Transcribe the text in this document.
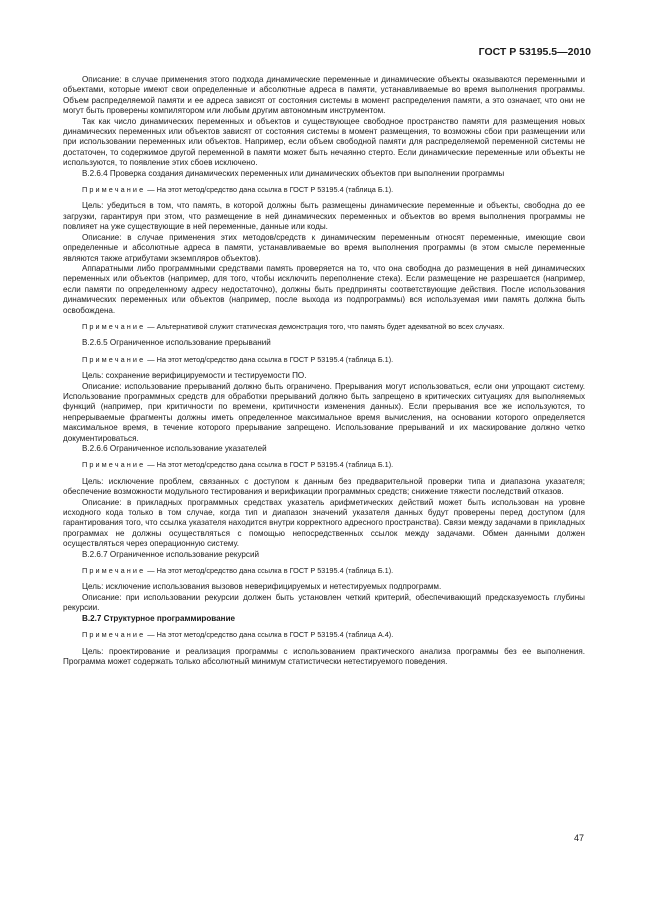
ГОСТ Р 53195.5—2010

Описание: в случае применения этого подхода динамические переменные и динамические объекты оказываются переменными и объектами, которые имеют свои определенные и абсолютные адреса в памяти, устанавливаемые во время выполнения программы. Объем распределяемой памяти и ее адреса зависят от состояния системы в момент распределения памяти, а это означает, что они не могут быть проверены компилятором или любым другим автономным инструментом.

Так как число динамических переменных и объектов и существующее свободное пространство памяти для размещения новых динамических переменных или объектов зависят от состояния системы в момент размещения, то возможны сбои при размещении или при использовании переменных или объектов. Например, если объем свободной памяти для распределяемой переменной системы не достаточен, то содержимое другой переменной в памяти может быть нечаянно стерто. Если динамические переменные или объекты не используются, то появление этих сбоев исключено.

В.2.6.4 Проверка создания динамических переменных или динамических объектов при выполнении программы

Примечание — На этот метод/средство дана ссылка в ГОСТ Р 53195.4 (таблица Б.1).

Цель: убедиться в том, что память, в которой должны быть размещены динамические переменные и объекты, свободна до ее загрузки, гарантируя при этом, что размещение в ней динамических переменных и объектов во время выполнения программы не повлияет на уже существующие в ней переменные, данные или коды.

Описание: в случае применения этих методов/средств к динамическим переменным относят переменные, имеющие свои определенные и абсолютные адреса в памяти, устанавливаемые во время выполнения программы (в этом смысле переменные являются также атрибутами экземпляров объектов).

Аппаратными либо программными средствами память проверяется на то, что она свободна до размещения в ней динамических переменных или объектов (например, для того, чтобы исключить переполнение стека). Если размещение не разрешается (например, если памяти по определенному адресу недостаточно), должны быть предприняты соответствующие действия. После использования динамических переменных или объектов (например, после выхода из подпрограммы) вся используемая ими память должна быть освобождена.

Примечание — Альтернативой служит статическая демонстрация того, что память будет адекватной во всех случаях.

В.2.6.5 Ограниченное использование прерываний

Примечание — На этот метод/средство дана ссылка в ГОСТ Р 53195.4 (таблица Б.1).

Цель: сохранение верифицируемости и тестируемости ПО.

Описание: использование прерываний должно быть ограничено. Прерывания могут использоваться, если они упрощают систему. Использование программных средств для обработки прерываний должно быть запрещено в критических ситуациях для выполняемых функций (например, при критичности по времени, критичности изменения данных). Если прерывания все же используются, то непрерываемые фрагменты должны иметь определенное максимальное время вычисления, на основании которого определяется максимальное время, в течение которого прерывание запрещено. Использование прерываний и их маскирование должно четко документироваться.

В.2.6.6 Ограниченное использование указателей

Примечание — На этот метод/средство дана ссылка в ГОСТ Р 53195.4 (таблица Б.1).

Цель: исключение проблем, связанных с доступом к данным без предварительной проверки типа и диапазона указателя; обеспечение возможности модульного тестирования и верификации программных средств; снижение тяжести последствий отказов.

Описание: в прикладных программных средствах указатель арифметических действий может быть использован на уровне исходного кода только в том случае, когда тип и диапазон значений указателя данных будут проверены перед доступом (для гарантирования того, что ссылка указателя находится внутри корректного адресного пространства). Связи между задачами в прикладных программах не должны осуществляться с помощью непосредственных ссылок между задачами. Обмен данными должен осуществляться через операционную систему.

В.2.6.7 Ограниченное использование рекурсий

Примечание — На этот метод/средство дана ссылка в ГОСТ Р 53195.4 (таблица Б.1).

Цель: исключение использования вызовов неверифицируемых и нетестируемых подпрограмм.

Описание: при использовании рекурсии должен быть установлен четкий критерий, обеспечивающий предсказуемость глубины рекурсии.

В.2.7 Структурное программирование

Примечание — На этот метод/средство дана ссылка в ГОСТ Р 53195.4 (таблица А.4).

Цель: проектирование и реализация программы с использованием практического анализа программы без ее выполнения. Программа может содержать только абсолютный минимум статистически нетестируемого поведения.

47
